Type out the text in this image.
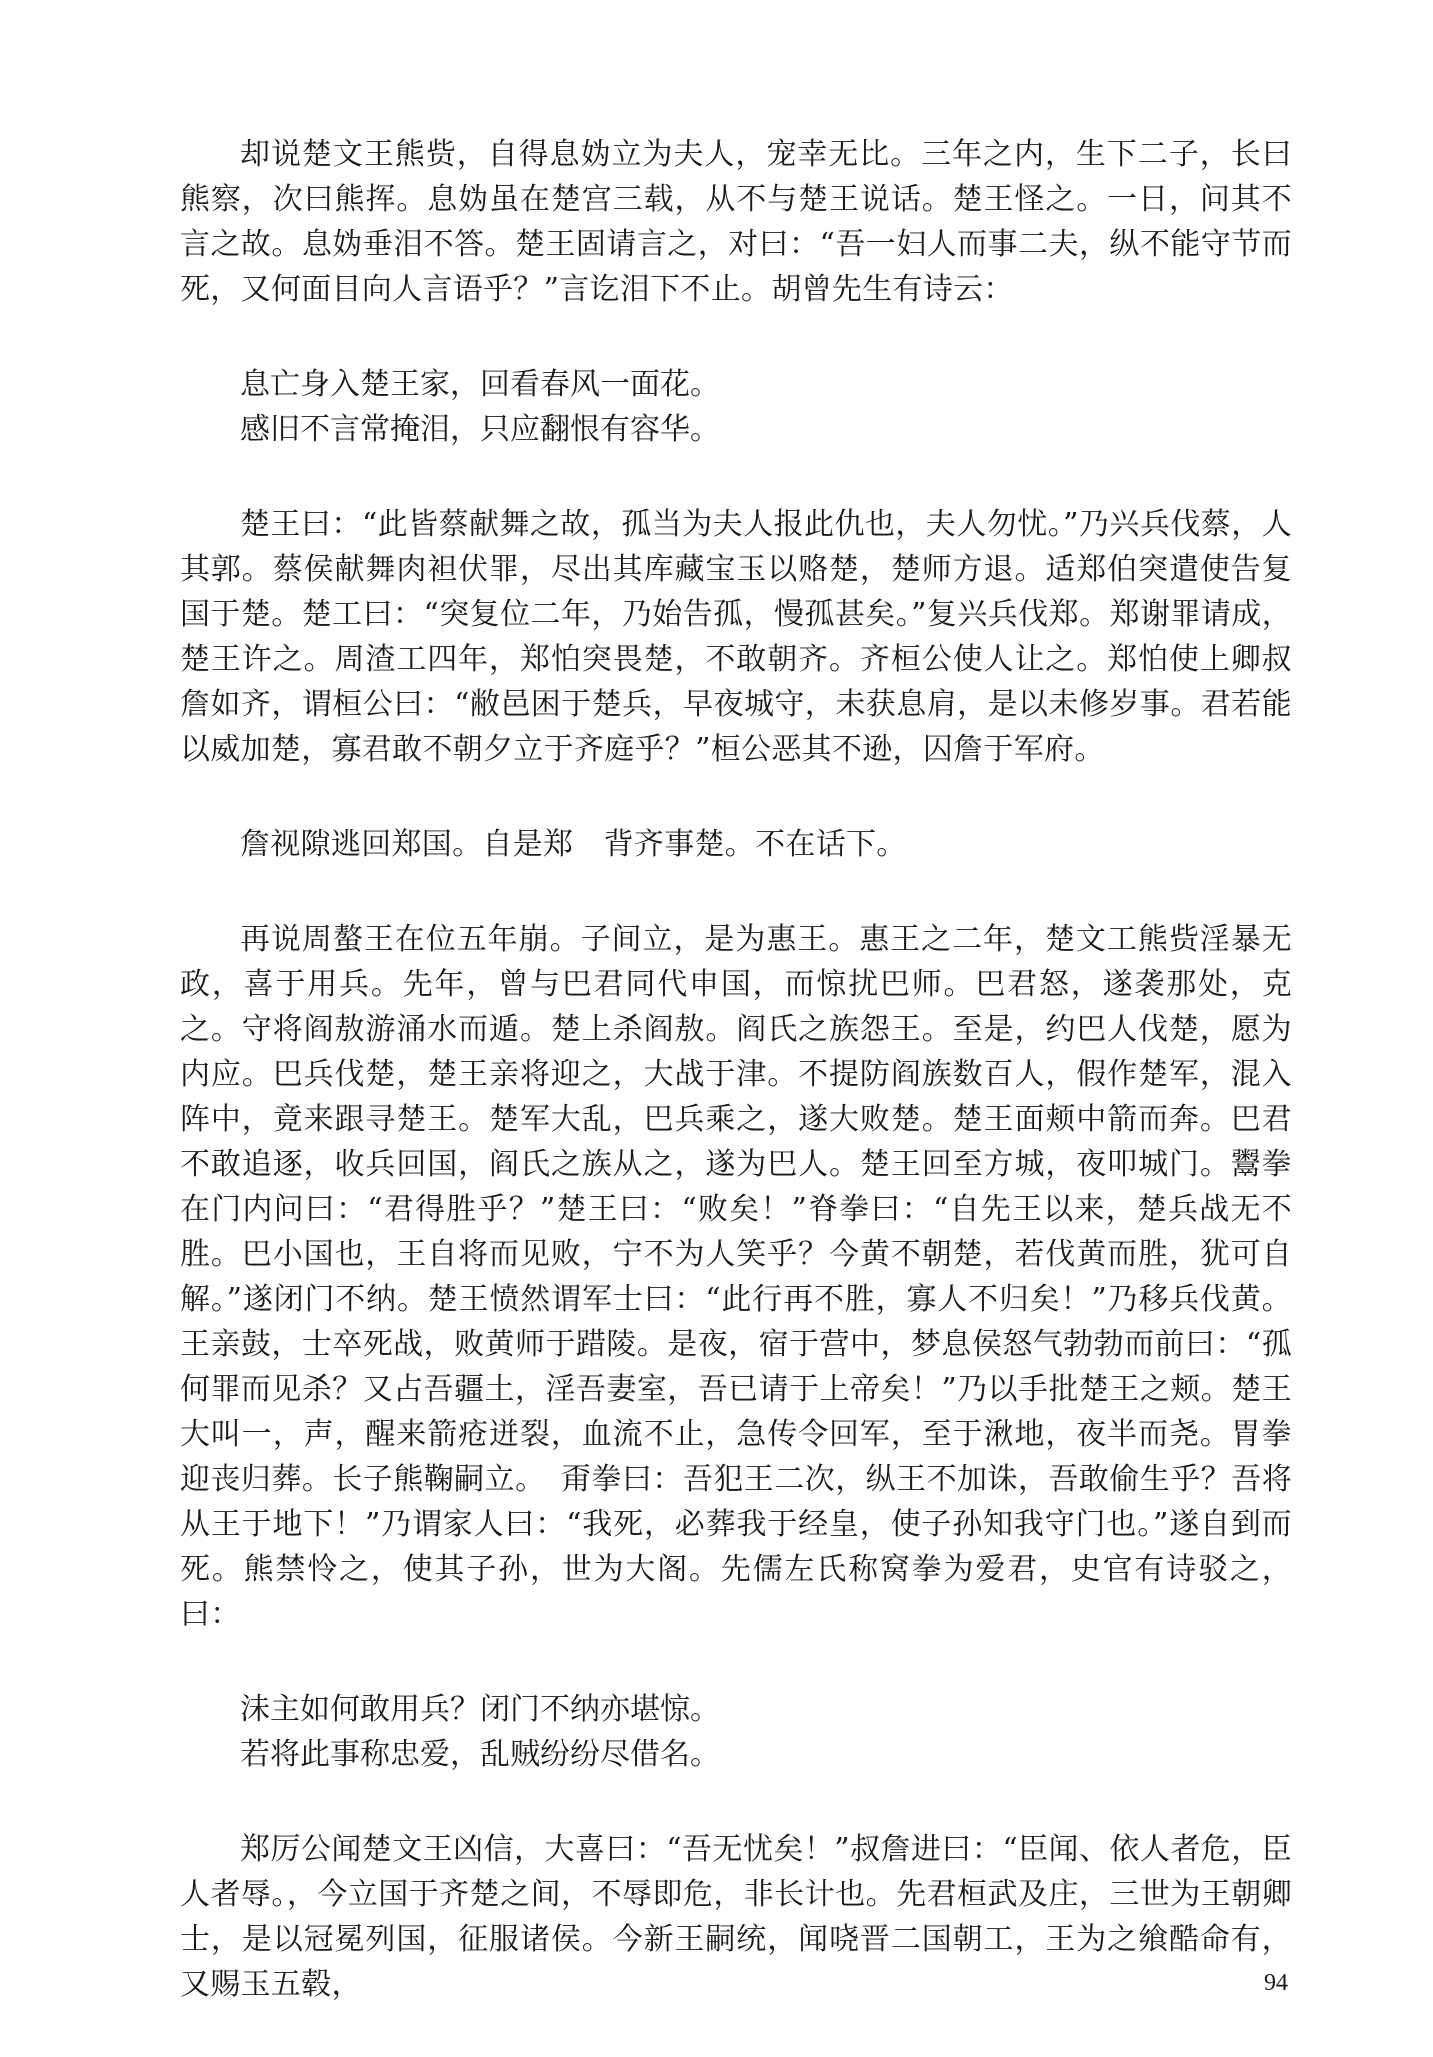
却说楚文王熊赀，自得息妫立为夫人，宠幸无比。三年之内，生下二子，长曰熊察，次曰熊挥。息妫虽在楚宫三载，从不与楚王说话。楚王怪之。一日，问其不言之故。息妫垂泪不答。楚王固请言之，对曰：“吾一妇人而事二夫，纵不能守节而死，又何面目向人言语乎？”言讫泪下不止。胡曾先生有诗云：

息亡身入楚王家，回看春风一面花。
感旧不言常掩泪，只应翻恨有容华。

楚王曰：“此皆蔡献舞之故，孤当为夫人报此仇也，夫人勿忧。”乃兴兵伐蔡，人其郭。蔡侯献舞肉袒伏罪，尽出其库藏宝玉以赂楚，楚师方退。适郑伯突遣使告复国于楚。楚工曰：“突复位二年，乃始告孤，慢孤甚矣。”复兴兵伐郑。郑谢罪请成，楚王许之。周渣工四年，郑怕突畏楚，不敢朝齐。齐桓公使人让之。郑怕使上卿叔詹如齐，谓桓公曰：“敝邑困于楚兵，早夜城守，未获息肩，是以未修岁事。君若能以威加楚，寡君敢不朝夕立于齐庭乎？”桓公恶其不逊，囚詹于军府。

詹视隙逃回郑国。自是郑　背齐事楚。不在话下。

再说周螯王在位五年崩。子间立，是为惠王。惠王之二年，楚文工熊赀淫暴无政，喜于用兵。先年，曾与巴君同代申国，而惊扰巴师。巴君怒，遂袭那处，克之。守将阎敖游涌水而遁。楚上杀阎敖。阎氏之族怨王。至是，约巴人伐楚，愿为内应。巴兵伐楚，楚王亲将迎之，大战于津。不提防阎族数百人，假作楚军，混入阵中，竟来跟寻楚王。楚军大乱，巴兵乘之，遂大败楚。楚王面颊中箭而奔。巴君不敢追逐，收兵回国，阎氏之族从之，遂为巴人。楚王回至方城，夜叩城门。鬻拳在门内问曰：“君得胜乎？”楚王曰：“败矣！”脊拳曰：“自先王以来，楚兵战无不胜。巴小国也，王自将而见败，宁不为人笑乎？今黄不朝楚，若伐黄而胜，犹可自解。”遂闭门不纳。楚王愤然谓军士曰：“此行再不胜，寡人不归矣！”乃移兵伐黄。王亲鼓，士卒死战，败黄师于踖陵。是夜，宿于营中，梦息侯怒气勃勃而前曰：“孤何罪而见杀？又占吾疆土，淫吾妻室，吾已请于上帝矣！”乃以手批楚王之颊。楚王大叫一，声，醒来箭疮迸裂，血流不止，急传令回军，至于湫地，夜半而尧。胃拳迎丧归葬。长子熊鞠嗣立。　甭拳曰：吾犯王二次，纵王不加诛，吾敢偷生乎？吾将从王于地下！”乃谓家人曰：“我死，必葬我于经皇，使子孙知我守门也。”遂自到而死。熊禁怜之，使其子孙，世为大阁。先儒左氏称窝拳为爱君，史官有诗驳之，曰：

沬主如何敢用兵？闭门不纳亦堪惊。
若将此事称忠爱，乱贼纷纷尽借名。

郑厉公闻楚文王凶信，大喜曰：“吾无忧矣！”叔詹进曰：“臣闻、依人者危，臣人者辱。，今立国于齐楚之间，不辱即危，非长计也。先君桓武及庄，三世为王朝卿士，是以冠冕列国，征服诸侯。今新王嗣统，闻哓晋二国朝工，王为之飨酷命有，又赐玉五毂，	94
